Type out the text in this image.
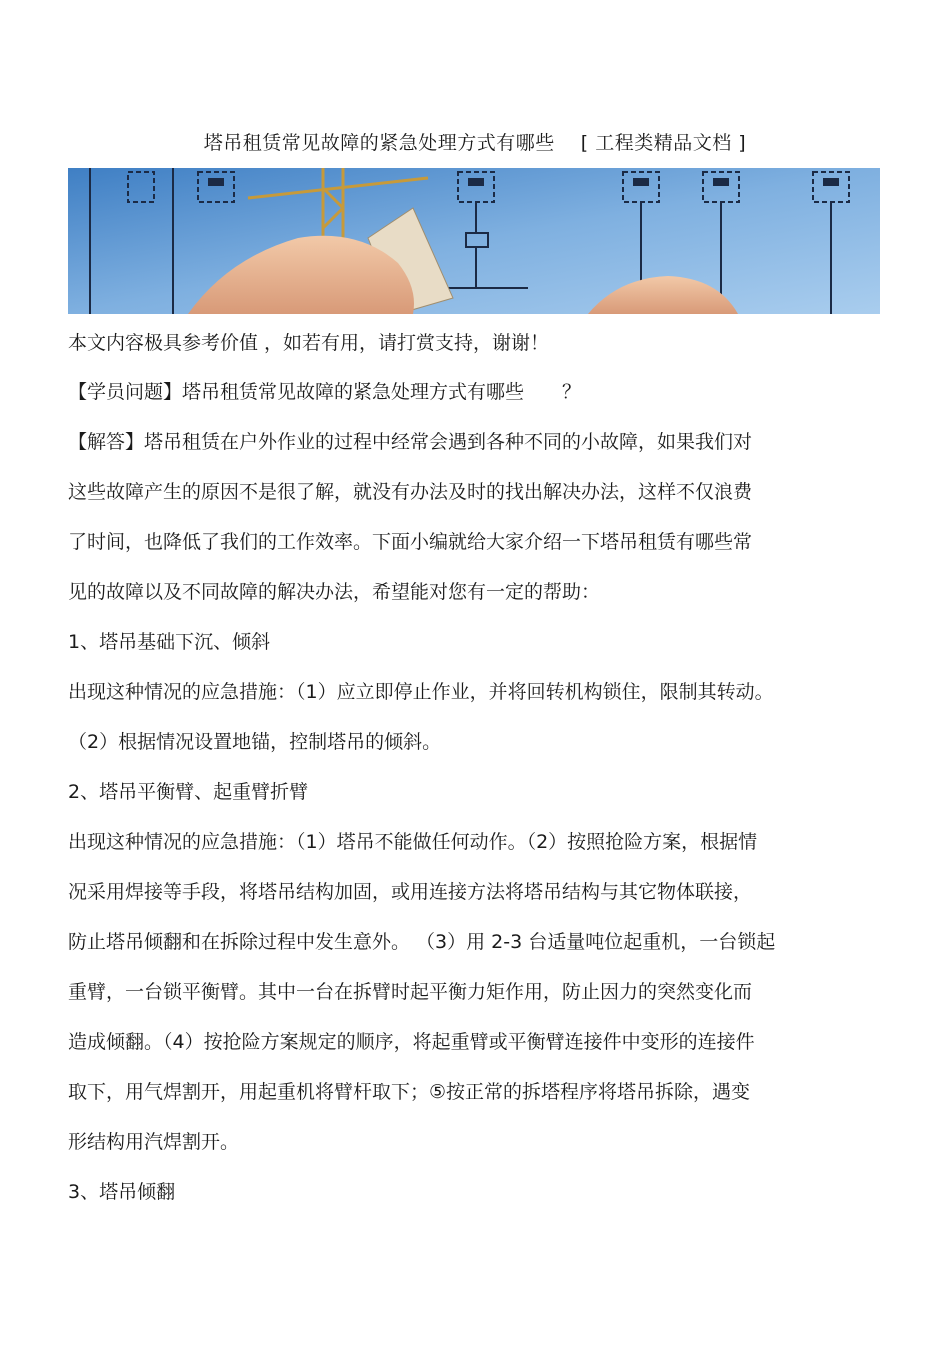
塔吊租赁常见故障的紧急处理方式有哪些　 [ 工程类精品文档 ]
本文内容极具参考价值 ，如若有用，请打赏支持，谢谢！
【学员问题】塔吊租赁常见故障的紧急处理方式有哪些　　？
【解答】塔吊租赁在户外作业的过程中经常会遇到各种不同的小故障，如果我们对
这些故障产生的原因不是很了解，就没有办法及时的找出解决办法，这样不仅浪费
了时间，也降低了我们的工作效率。下面小编就给大家介绍一下塔吊租赁有哪些常
见的故障以及不同故障的解决办法，希望能对您有一定的帮助：
1、塔吊基础下沉、倾斜
出现这种情况的应急措施：（1）应立即停止作业，并将回转机构锁住，限制其转动。
（2）根据情况设置地锚，控制塔吊的倾斜。
2、塔吊平衡臂、起重臂折臂
出现这种情况的应急措施：（1）塔吊不能做任何动作。（2）按照抢险方案，根据情
况采用焊接等手段，将塔吊结构加固，或用连接方法将塔吊结构与其它物体联接，
防止塔吊倾翻和在拆除过程中发生意外。 （3）用 2-3 台适量吨位起重机，一台锁起
重臂，一台锁平衡臂。其中一台在拆臂时起平衡力矩作用，防止因力的突然变化而
造成倾翻。（4）按抢险方案规定的顺序，将起重臂或平衡臂连接件中变形的连接件
取下，用气焊割开，用起重机将臂杆取下；⑤按正常的拆塔程序将塔吊拆除，遇变
形结构用汽焊割开。
3、塔吊倾翻
